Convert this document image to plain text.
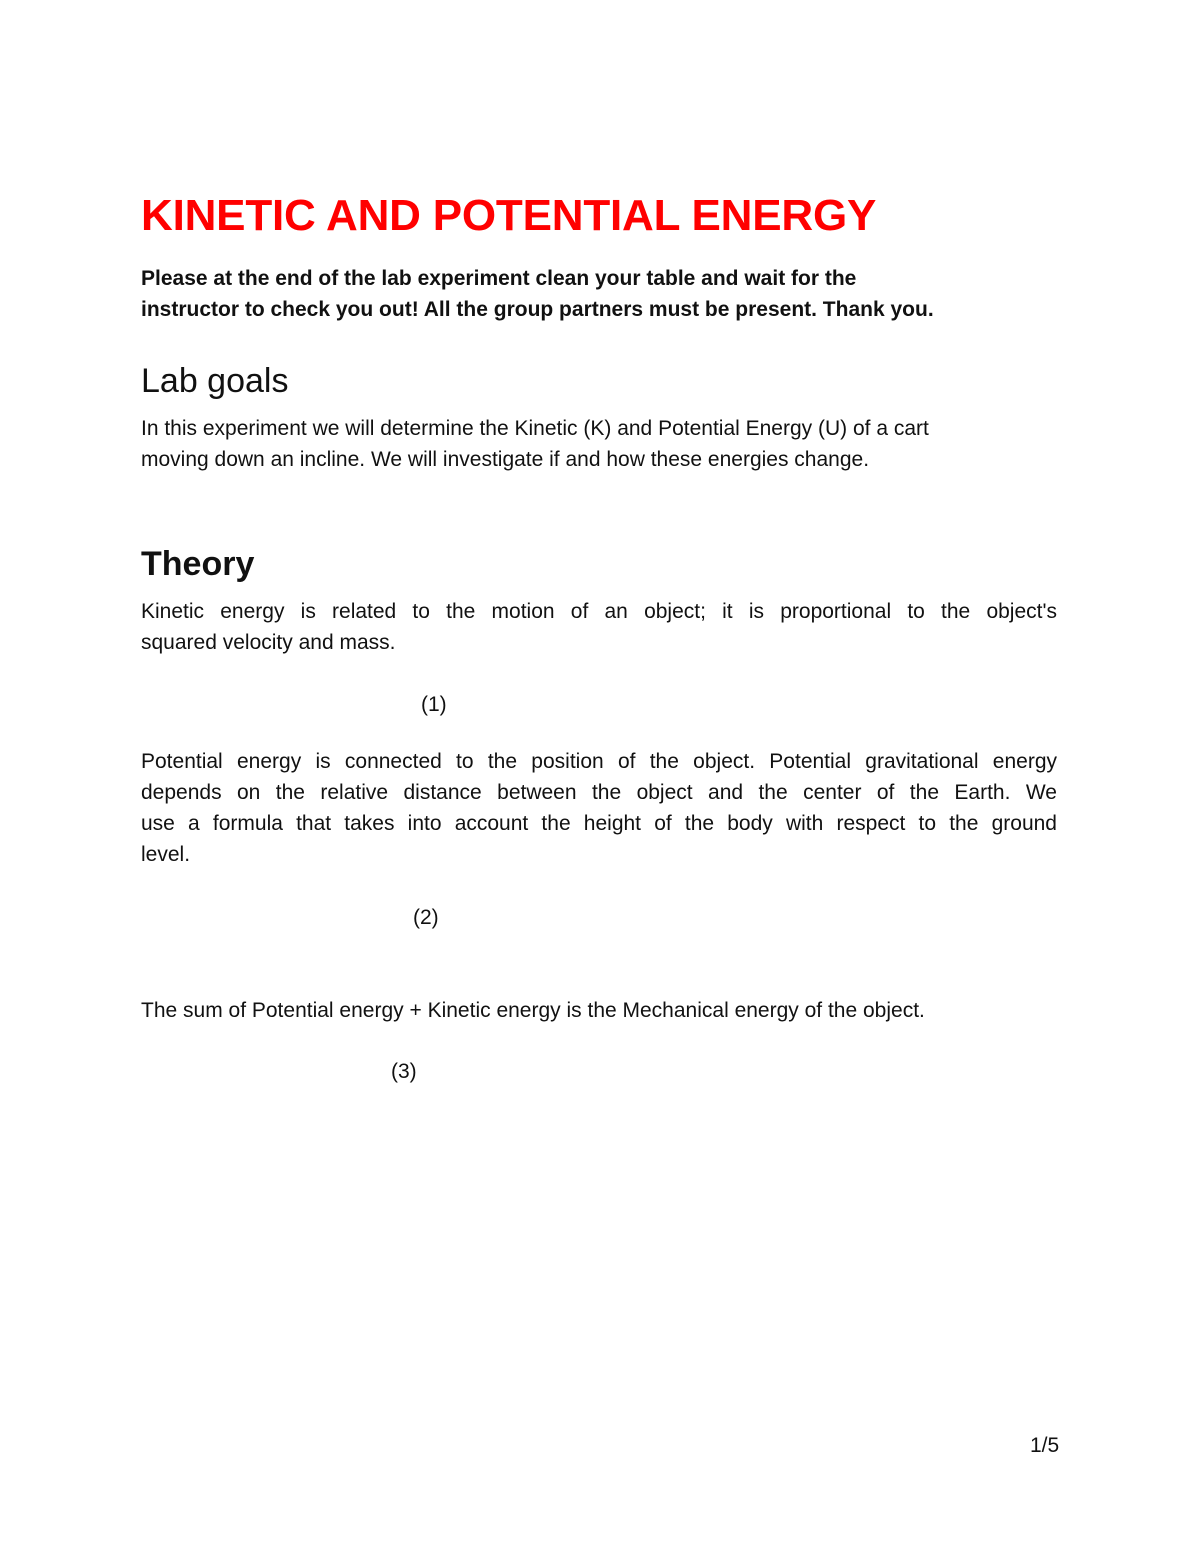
KINETIC AND POTENTIAL ENERGY

Please at the end of the lab experiment clean your table and wait for the
instructor to check you out! All the group partners must be present. Thank you.

Lab goals

In this experiment we will determine the Kinetic (K) and Potential Energy (U) of a cart
moving down an incline. We will investigate if and how these energies change.

Theory

Kinetic energy is related to the motion of an object; it is proportional to the object's
squared velocity and mass.

(1)

Potential energy is connected to the position of the object. Potential gravitational energy
depends on the relative distance between the object and the center of the Earth. We
use a formula that takes into account the height of the body with respect to the ground
level.

(2)

The sum of Potential energy + Kinetic energy is the Mechanical energy of the object.

(3)
1/5
